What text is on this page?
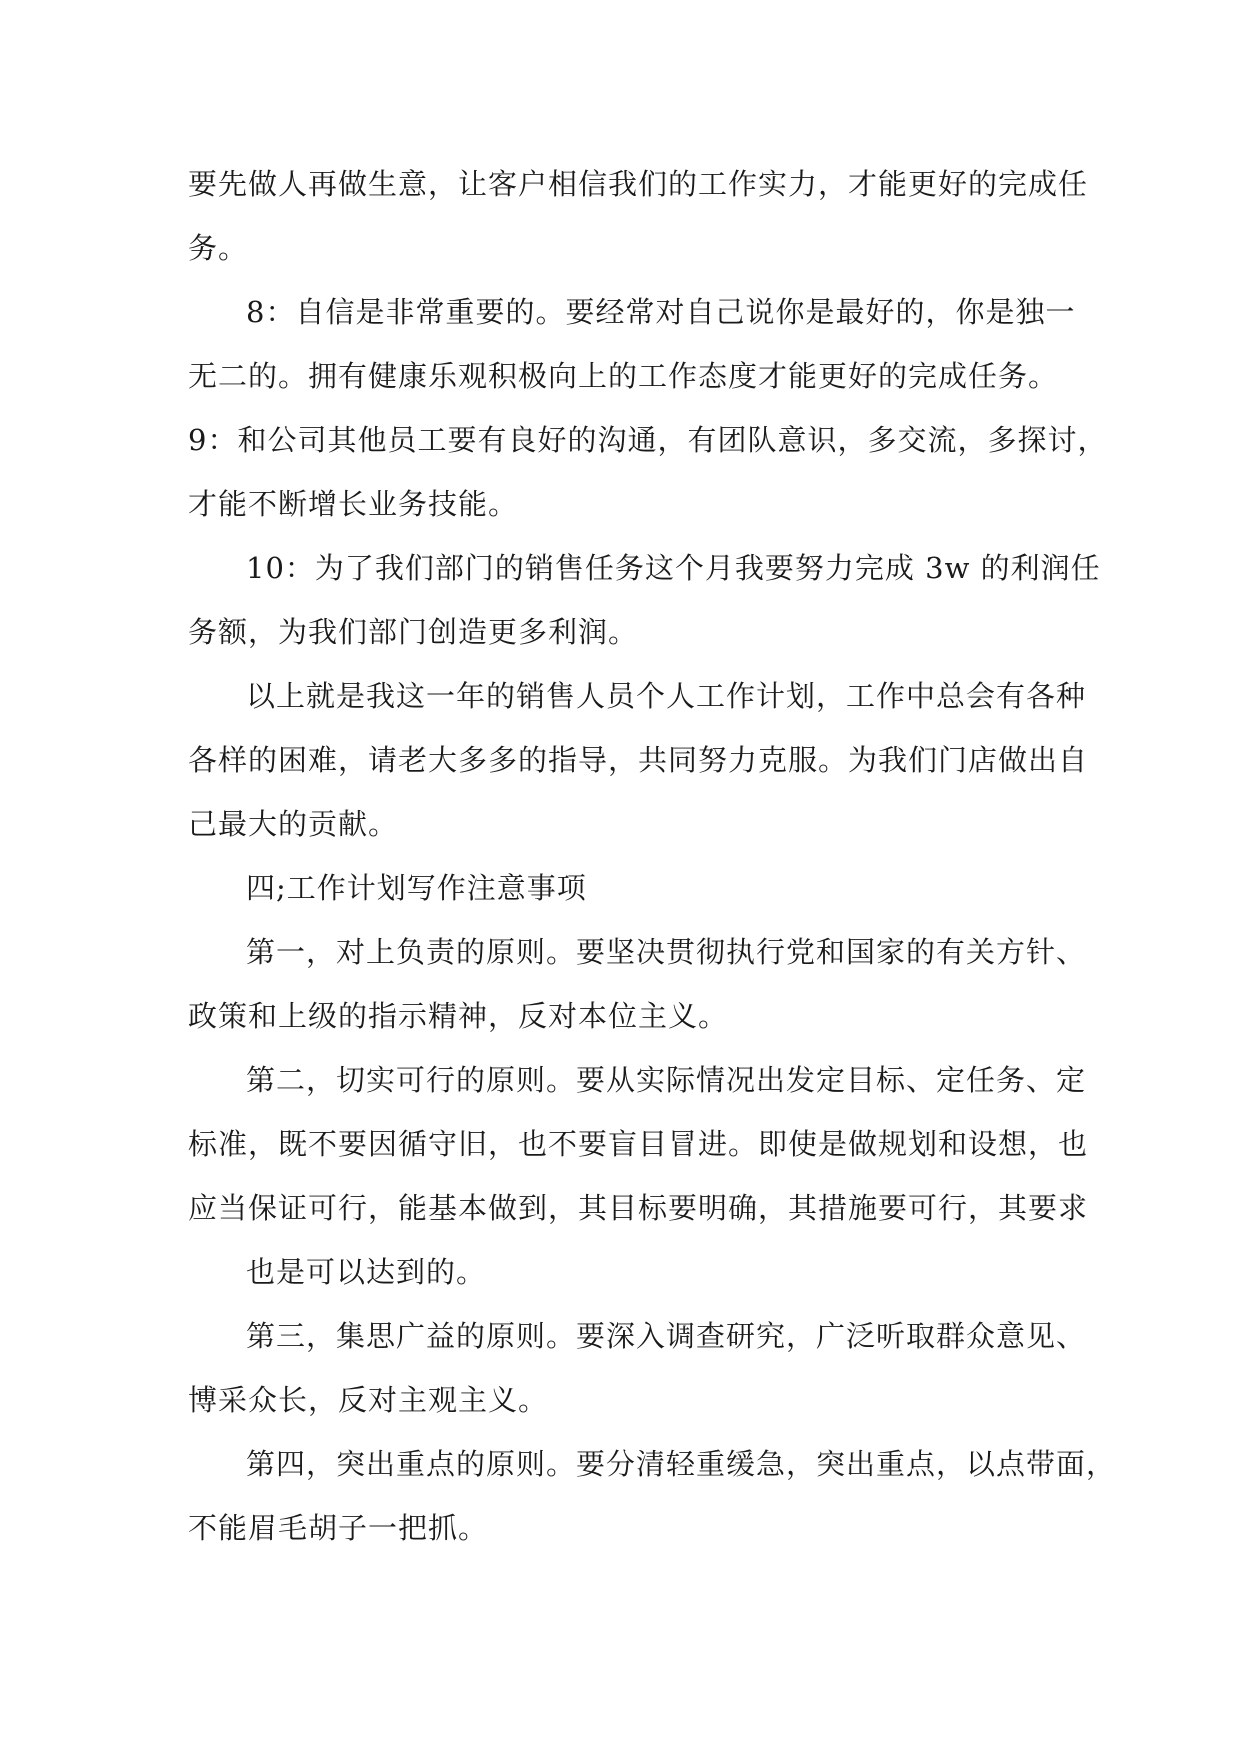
要先做人再做生意，让客户相信我们的工作实力，才能更好的完成任
务。
8：自信是非常重要的。要经常对自己说你是最好的，你是独一
无二的。拥有健康乐观积极向上的工作态度才能更好的完成任务。
9：和公司其他员工要有良好的沟通，有团队意识，多交流，多探讨，
才能不断增长业务技能。
10：为了我们部门的销售任务这个月我要努力完成 3w 的利润任
务额，为我们部门创造更多利润。
以上就是我这一年的销售人员个人工作计划，工作中总会有各种
各样的困难，请老大多多的指导，共同努力克服。为我们门店做出自
己最大的贡献。
四;工作计划写作注意事项
第一，对上负责的原则。要坚决贯彻执行党和国家的有关方针、
政策和上级的指示精神，反对本位主义。
第二，切实可行的原则。要从实际情况出发定目标、定任务、定
标准，既不要因循守旧，也不要盲目冒进。即使是做规划和设想，也
应当保证可行，能基本做到，其目标要明确，其措施要可行，其要求
也是可以达到的。
第三，集思广益的原则。要深入调查研究，广泛听取群众意见、
博采众长，反对主观主义。
第四，突出重点的原则。要分清轻重缓急，突出重点，以点带面，
不能眉毛胡子一把抓。
